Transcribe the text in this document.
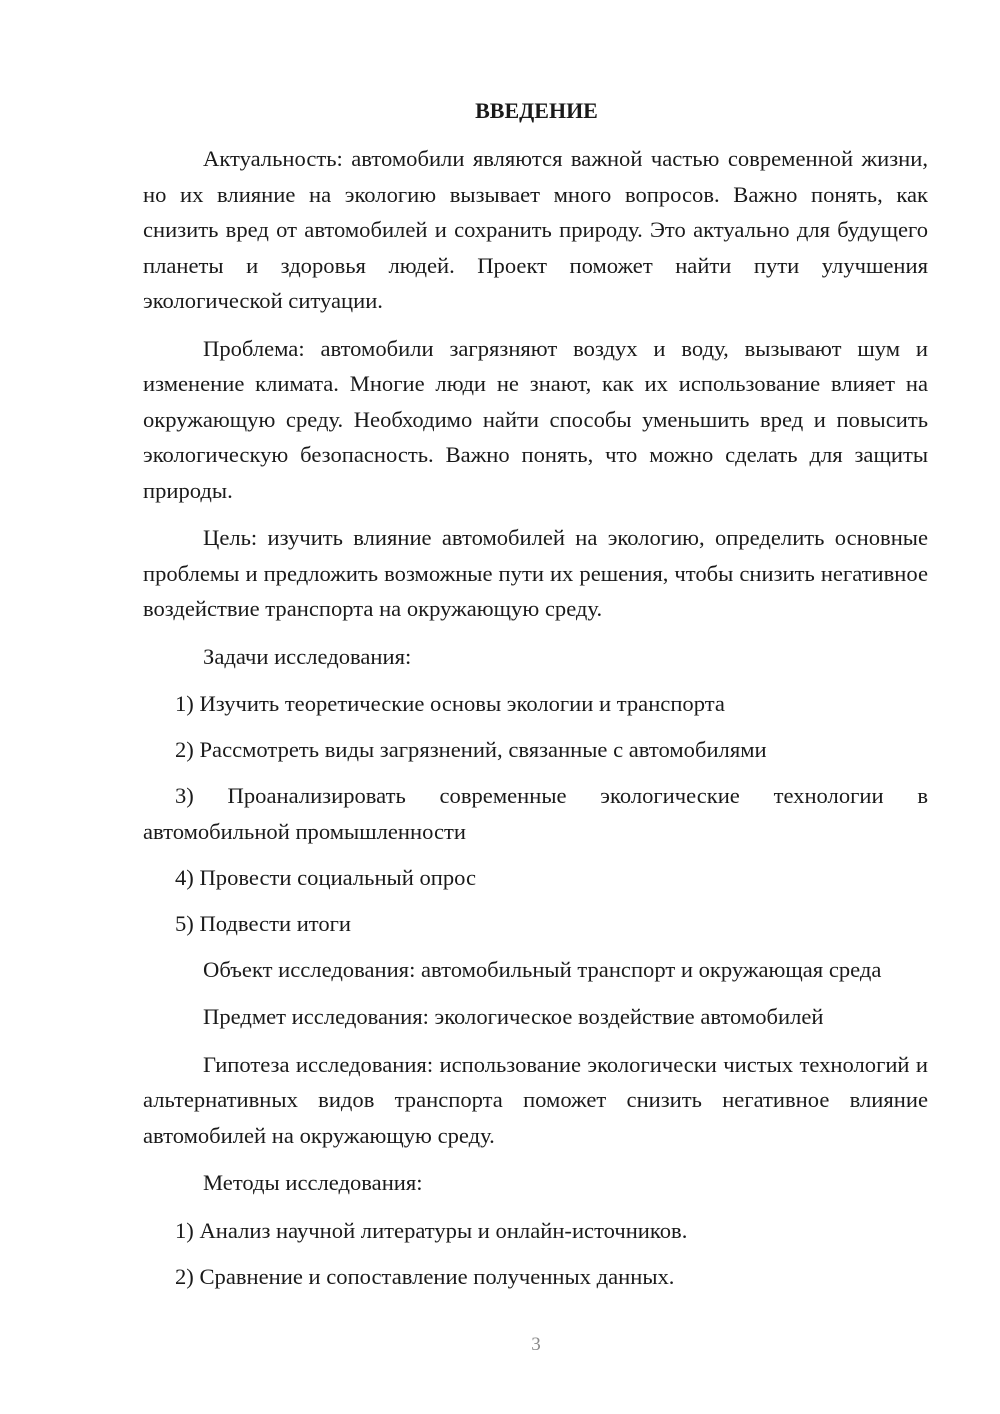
ВВЕДЕНИЕ

Актуальность: автомобили являются важной частью современной жизни, но их влияние на экологию вызывает много вопросов. Важно понять, как снизить вред от автомобилей и сохранить природу. Это актуально для будущего планеты и здоровья людей. Проект поможет найти пути улучшения экологической ситуации.

Проблема: автомобили загрязняют воздух и воду, вызывают шум и изменение климата. Многие люди не знают, как их использование влияет на окружающую среду. Необходимо найти способы уменьшить вред и повысить экологическую безопасность. Важно понять, что можно сделать для защиты природы.

Цель: изучить влияние автомобилей на экологию, определить основные проблемы и предложить возможные пути их решения, чтобы снизить негативное воздействие транспорта на окружающую среду.

Задачи исследования:

1) Изучить теоретические основы экологии и транспорта

2) Рассмотреть виды загрязнений, связанные с автомобилями

3) Проанализировать современные экологические технологии в автомобильной промышленности

4) Провести социальный опрос

5) Подвести итоги

Объект исследования: автомобильный транспорт и окружающая среда

Предмет исследования: экологическое воздействие автомобилей

Гипотеза исследования: использование экологически чистых технологий и альтернативных видов транспорта поможет снизить негативное влияние автомобилей на окружающую среду.

Методы исследования:

1) Анализ научной литературы и онлайн-источников.

2) Сравнение и сопоставление полученных данных.

3
